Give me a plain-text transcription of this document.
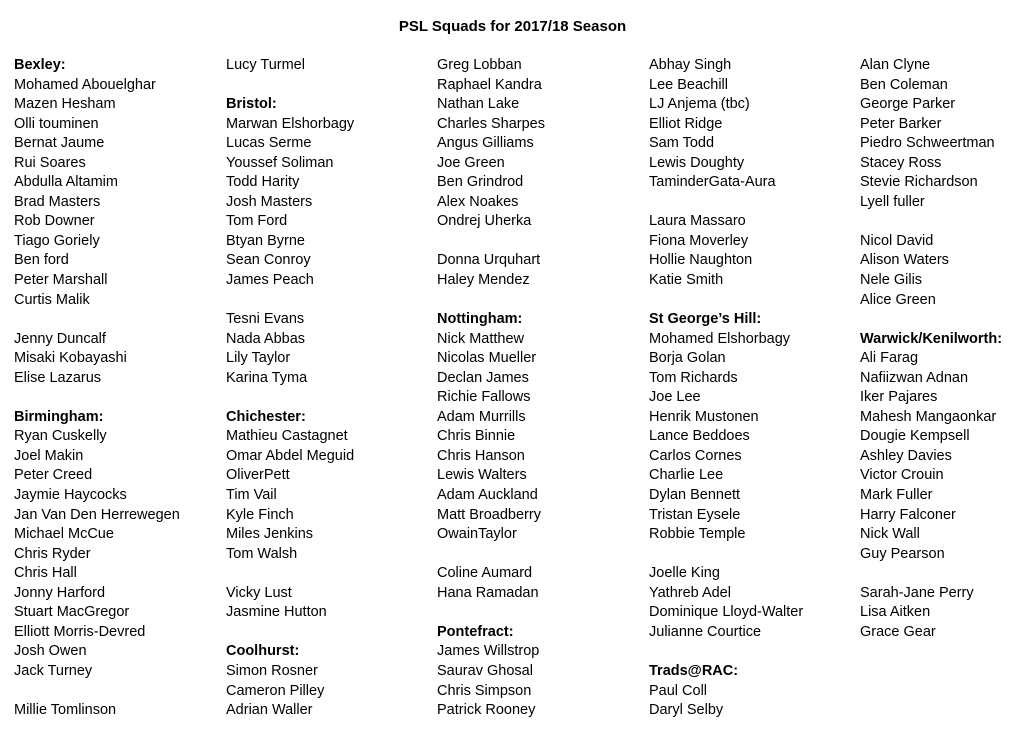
PSL Squads for 2017/18 Season
Bexley:
Mohamed Abouelghar
Mazen Hesham
Olli touminen
Bernat Jaume
Rui Soares
Abdulla Altamim
Brad Masters
Rob Downer
Tiago Goriely
Ben ford
Peter Marshall
Curtis Malik
Jenny Duncalf
Misaki Kobayashi
Elise Lazarus
Birmingham:
Ryan Cuskelly
Joel Makin
Peter Creed
Jaymie Haycocks
Jan Van Den Herrewegen
Michael McCue
Chris Ryder
Chris Hall
Jonny Harford
Stuart MacGregor
Elliott Morris-Devred
Josh Owen
Jack Turney
Millie Tomlinson
Lucy Turmel
Bristol:
Marwan Elshorbagy
Lucas Serme
Youssef Soliman
Todd Harity
Josh Masters
Tom Ford
Btyan Byrne
Sean Conroy
James Peach
Tesni Evans
Nada Abbas
Lily Taylor
Karina Tyma
Chichester:
Mathieu Castagnet
Omar Abdel Meguid
OliverPett
Tim Vail
Kyle Finch
Miles Jenkins
Tom Walsh
Vicky Lust
Jasmine Hutton
Coolhurst:
Simon Rosner
Cameron Pilley
Adrian Waller
Greg Lobban
Raphael Kandra
Nathan Lake
Charles Sharpes
Angus Gilliams
Joe Green
Ben Grindrod
Alex Noakes
Ondrej Uherka
Donna Urquhart
Haley Mendez
Nottingham:
Nick Matthew
Nicolas Mueller
Declan James
Richie Fallows
Adam Murrills
Chris Binnie
Chris Hanson
Lewis Walters
Adam Auckland
Matt Broadberry
OwainTaylor
Coline Aumard
Hana Ramadan
Pontefract:
James Willstrop
Saurav Ghosal
Chris Simpson
Patrick Rooney
Abhay Singh
Lee Beachill
LJ Anjema (tbc)
Elliot Ridge
Sam Todd
Lewis Doughty
TaminderGata-Aura
Laura Massaro
Fiona Moverley
Hollie Naughton
Katie Smith
St George’s Hill:
Mohamed Elshorbagy
Borja Golan
Tom Richards
Joe Lee
Henrik Mustonen
Lance Beddoes
Carlos Cornes
Charlie Lee
Dylan Bennett
Tristan Eysele
Robbie Temple
Joelle King
Yathreb Adel
Dominique Lloyd-Walter
Julianne Courtice
Trads@RAC:
Paul Coll
Daryl Selby
Alan Clyne
Ben Coleman
George Parker
Peter Barker
Piedro Schweertman
Stacey Ross
Stevie Richardson
Lyell fuller
Nicol David
Alison Waters
Nele Gilis
Alice Green
Warwick/Kenilworth:
Ali Farag
Nafiizwan Adnan
Iker Pajares
Mahesh Mangaonkar
Dougie Kempsell
Ashley Davies
Victor Crouin
Mark Fuller
Harry Falconer
Nick Wall
Guy Pearson
Sarah-Jane Perry
Lisa Aitken
Grace Gear
